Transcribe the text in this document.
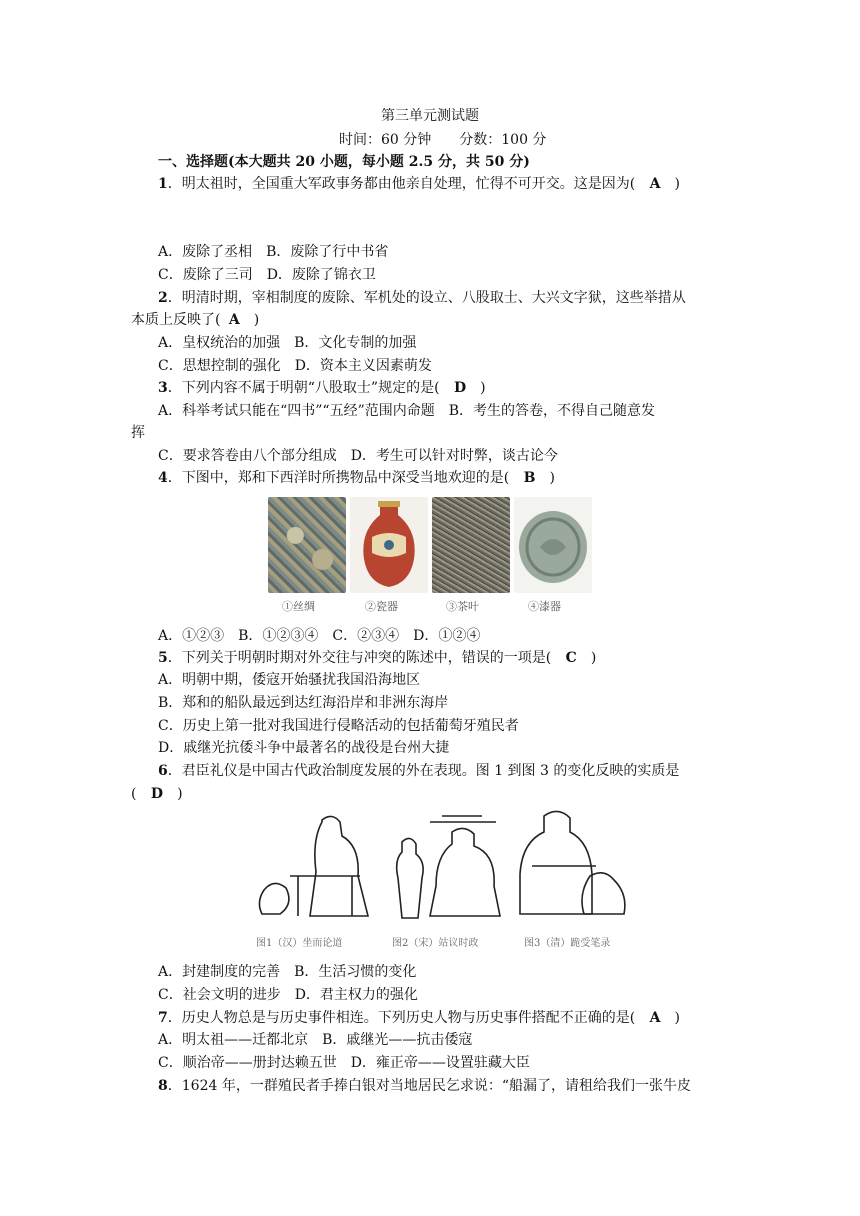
第三单元测试题
时间：60 分钟　　分数：100 分
一、选择题(本大题共 20 小题，每小题 2.5 分，共 50 分)
1．明太祖时，全国重大军政事务都由他亲自处理，忙得不可开交。这是因为( A )
A．废除了丞相　B．废除了行中书省
C．废除了三司　D．废除了锦衣卫
2．明清时期，宰相制度的废除、军机处的设立、八股取士、大兴文字狱，这些举措从
本质上反映了( A )
A．皇权统治的加强　B．文化专制的加强
C．思想控制的强化　D．资本主义因素萌发
3．下列内容不属于明朝“八股取士”规定的是( D )
A．科举考试只能在“四书”“五经”范围内命题　B．考生的答卷，不得自己随意发
挥
C．要求答卷由八个部分组成　D．考生可以针对时弊，谈古论今
4．下图中，郑和下西洋时所携物品中深受当地欢迎的是( B )
①丝绸	②瓷器	③茶叶	④漆器
A．①②③　B．①②③④　C．②③④　D．①②④
5．下列关于明朝时期对外交往与冲突的陈述中，错误的一项是( C )
A．明朝中期，倭寇开始骚扰我国沿海地区
B．郑和的船队最远到达红海沿岸和非洲东海岸
C．历史上第一批对我国进行侵略活动的包括葡萄牙殖民者
D．戚继光抗倭斗争中最著名的战役是台州大捷
6．君臣礼仪是中国古代政治制度发展的外在表现。图 1 到图 3 的变化反映的实质是
( D )
图1（汉）坐而论道	图2（宋）站议时政	图3（清）跪受笔录
A．封建制度的完善　B．生活习惯的变化
C．社会文明的进步　D．君主权力的强化
7．历史人物总是与历史事件相连。下列历史人物与历史事件搭配不正确的是( A )
A．明太祖——迁都北京　B．戚继光——抗击倭寇
C．顺治帝——册封达赖五世　D．雍正帝——设置驻藏大臣
8．1624 年，一群殖民者手捧白银对当地居民乞求说：“船漏了，请租给我们一张牛皮
